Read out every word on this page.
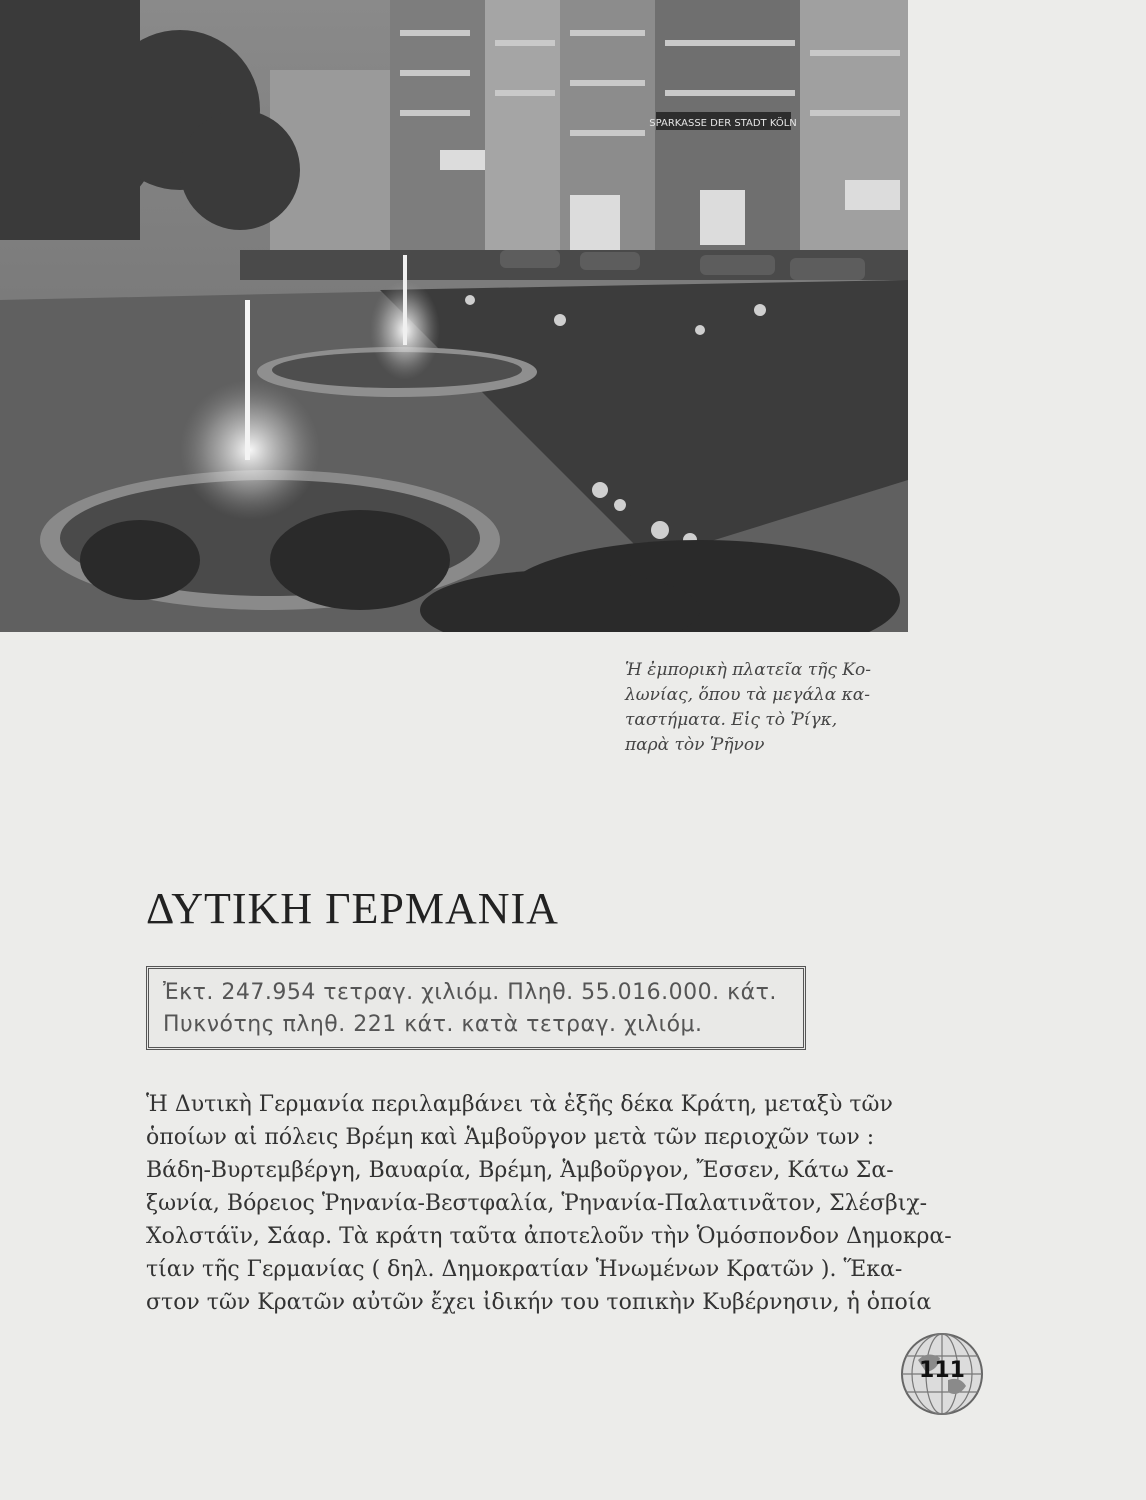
SPARKASSE DER STADT KÖLN
Ἡ ἐμπορικὴ πλατεῖα τῆς Κο-
λωνίας, ὅπου τὰ μεγάλα κα-
ταστήματα. Εἰς τὸ Ῥίγκ,
παρὰ τὸν Ῥῆνον
ΔΥΤΙΚΗ ΓΕΡΜΑΝΙΑ
Ἐκτ. 247.954 τετραγ. χιλιόμ. Πληθ. 55.016.000. κάτ.
Πυκνότης πληθ. 221 κάτ. κατὰ τετραγ. χιλιόμ.
Ἡ Δυτικὴ Γερμανία περιλαμβάνει τὰ ἑξῆς δέκα Κράτη, μεταξὺ τῶν
ὁποίων αἱ πόλεις Βρέμη καὶ Ἁμβοῦργον μετὰ τῶν περιοχῶν των :
Βάδη-Βυρτεμβέργη, Βαυαρία, Βρέμη, Ἁμβοῦργον, Ἔσσεν, Κάτω Σα-
ξωνία, Βόρειος Ῥηνανία-Βεστφαλία, Ῥηνανία-Παλατινᾶτον, Σλέσβιχ-
Χολστάϊν, Σάαρ. Τὰ κράτη ταῦτα ἀποτελοῦν τὴν Ὁμόσπονδον Δημοκρα-
τίαν τῆς Γερμανίας ( δηλ. Δημοκρατίαν Ἡνωμένων Κρατῶν ). Ἕκα-
στον τῶν Κρατῶν αὐτῶν ἔχει ἰδικήν του τοπικὴν Κυβέρνησιν, ἡ ὁποία
111
